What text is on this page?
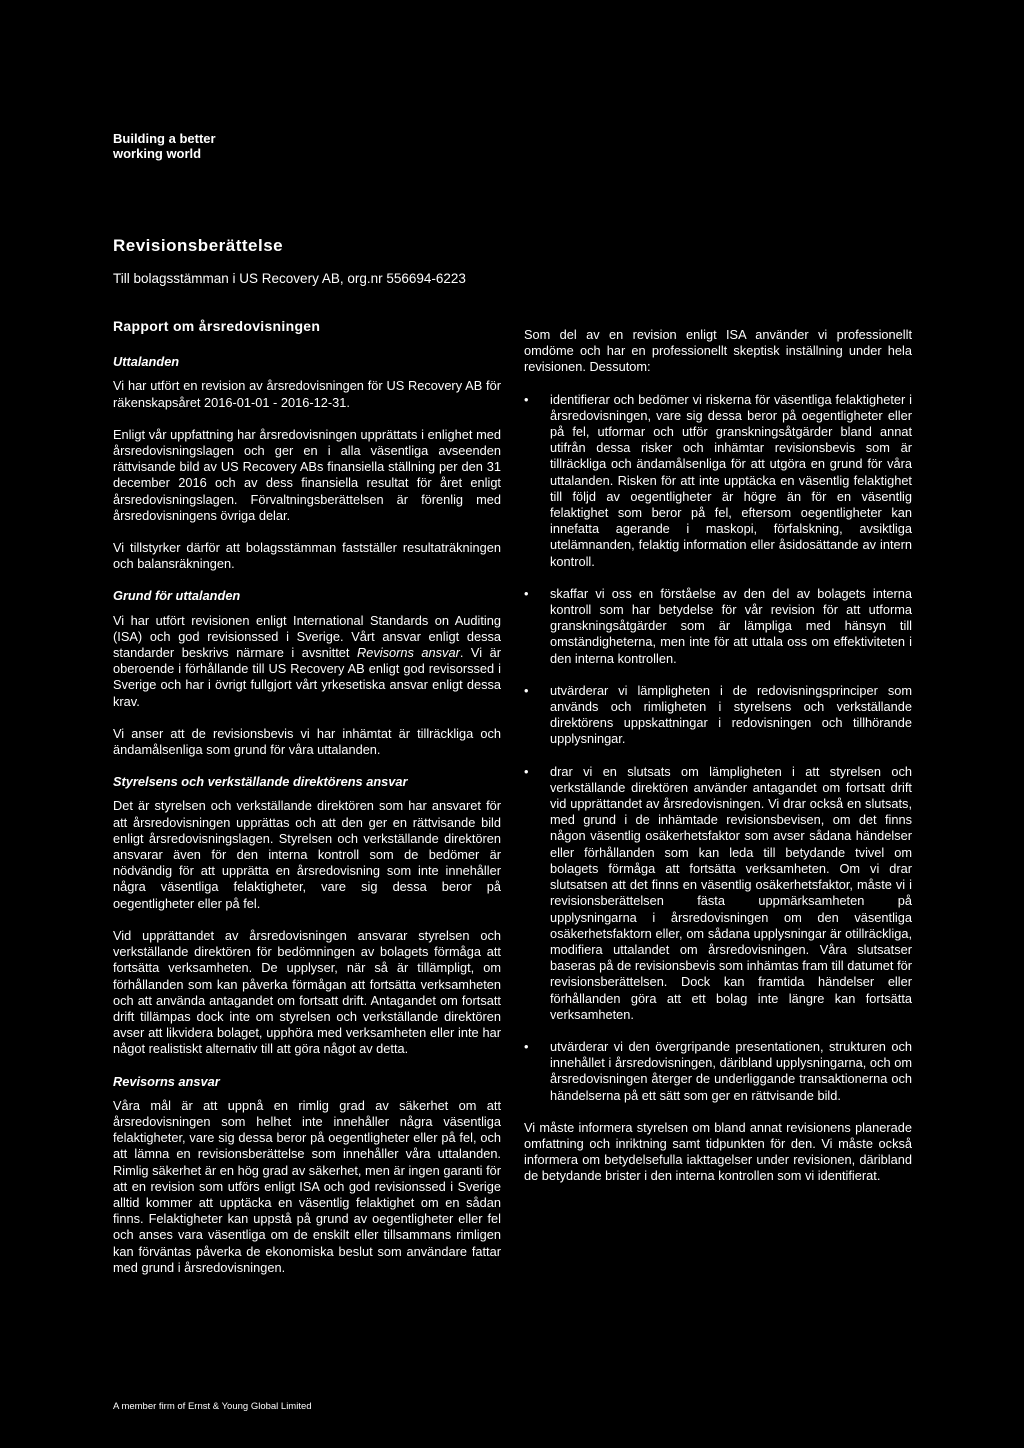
Building a better
working world
Revisionsberättelse
Till bolagsstämman i US Recovery AB, org.nr 556694-6223
Rapport om årsredovisningen
Uttalanden

Vi har utfört en revision av årsredovisningen för US Recovery AB för räkenskapsåret 2016-01-01 - 2016-12-31.

Enligt vår uppfattning har årsredovisningen upprättats i enlighet med årsredovisningslagen och ger en i alla väsentliga avseenden rättvisande bild av US Recovery ABs finansiella ställning per den 31 december 2016 och av dess finansiella resultat för året enligt årsredovisningslagen. Förvaltningsberättelsen är förenlig med årsredovisningens övriga delar.

Vi tillstyrker därför att bolagsstämman fastställer resultaträkningen och balansräkningen.

Grund för uttalanden

Vi har utfört revisionen enligt International Standards on Auditing (ISA) och god revisionssed i Sverige. Vårt ansvar enligt dessa standarder beskrivs närmare i avsnittet Revisorns ansvar. Vi är oberoende i förhållande till US Recovery AB enligt god revisorssed i Sverige och har i övrigt fullgjort vårt yrkesetiska ansvar enligt dessa krav.

Vi anser att de revisionsbevis vi har inhämtat är tillräckliga och ändamålsenliga som grund för våra uttalanden.

Styrelsens och verkställande direktörens ansvar

Det är styrelsen och verkställande direktören som har ansvaret för att årsredovisningen upprättas och att den ger en rättvisande bild enligt årsredovisningslagen. Styrelsen och verkställande direktören ansvarar även för den interna kontroll som de bedömer är nödvändig för att upprätta en årsredovisning som inte innehåller några väsentliga felaktigheter, vare sig dessa beror på oegentligheter eller på fel.

Vid upprättandet av årsredovisningen ansvarar styrelsen och verkställande direktören för bedömningen av bolagets förmåga att fortsätta verksamheten. De upplyser, när så är tillämpligt, om förhållanden som kan påverka förmågan att fortsätta verksamheten och att använda antagandet om fortsatt drift. Antagandet om fortsatt drift tillämpas dock inte om styrelsen och verkställande direktören avser att likvidera bolaget, upphöra med verksamheten eller inte har något realistiskt alternativ till att göra något av detta.

Revisorns ansvar

Våra mål är att uppnå en rimlig grad av säkerhet om att årsredovisningen som helhet inte innehåller några väsentliga felaktigheter, vare sig dessa beror på oegentligheter eller på fel, och att lämna en revisionsberättelse som innehåller våra uttalanden. Rimlig säkerhet är en hög grad av säkerhet, men är ingen garanti för att en revision som utförs enligt ISA och god revisionssed i Sverige alltid kommer att upptäcka en väsentlig felaktighet om en sådan finns. Felaktigheter kan uppstå på grund av oegentligheter eller fel och anses vara väsentliga om de enskilt eller tillsammans rimligen kan förväntas påverka de ekonomiska beslut som användare fattar med grund i årsredovisningen.

Som del av en revision enligt ISA använder vi professionellt omdöme och har en professionellt skeptisk inställning under hela revisionen. Dessutom:

• identifierar och bedömer vi riskerna för väsentliga felaktigheter i årsredovisningen, vare sig dessa beror på oegentligheter eller på fel, utformar och utför granskningsåtgärder bland annat utifrån dessa risker och inhämtar revisionsbevis som är tillräckliga och ändamålsenliga för att utgöra en grund för våra uttalanden. Risken för att inte upptäcka en väsentlig felaktighet till följd av oegentligheter är högre än för en väsentlig felaktighet som beror på fel, eftersom oegentligheter kan innefatta agerande i maskopi, förfalskning, avsiktliga utelämnanden, felaktig information eller åsidosättande av intern kontroll.
• skaffar vi oss en förståelse av den del av bolagets interna kontroll som har betydelse för vår revision för att utforma granskningsåtgärder som är lämpliga med hänsyn till omständigheterna, men inte för att uttala oss om effektiviteten i den interna kontrollen.
• utvärderar vi lämpligheten i de redovisningsprinciper som används och rimligheten i styrelsens och verkställande direktörens uppskattningar i redovisningen och tillhörande upplysningar.
• drar vi en slutsats om lämpligheten i att styrelsen och verkställande direktören använder antagandet om fortsatt drift vid upprättandet av årsredovisningen. Vi drar också en slutsats, med grund i de inhämtade revisionsbevisen, om det finns någon väsentlig osäkerhetsfaktor som avser sådana händelser eller förhållanden som kan leda till betydande tvivel om bolagets förmåga att fortsätta verksamheten. Om vi drar slutsatsen att det finns en väsentlig osäkerhetsfaktor, måste vi i revisionsberättelsen fästa uppmärksamheten på upplysningarna i årsredovisningen om den väsentliga osäkerhetsfaktorn eller, om sådana upplysningar är otillräckliga, modifiera uttalandet om årsredovisningen. Våra slutsatser baseras på de revisionsbevis som inhämtas fram till datumet för revisionsberättelsen. Dock kan framtida händelser eller förhållanden göra att ett bolag inte längre kan fortsätta verksamheten.
• utvärderar vi den övergripande presentationen, strukturen och innehållet i årsredovisningen, däribland upplysningarna, och om årsredovisningen återger de underliggande transaktionerna och händelserna på ett sätt som ger en rättvisande bild.

Vi måste informera styrelsen om bland annat revisionens planerade omfattning och inriktning samt tidpunkten för den. Vi måste också informera om betydelsefulla iakttagelser under revisionen, däribland de betydande brister i den interna kontrollen som vi identifierat.

A member firm of Ernst & Young Global Limited
